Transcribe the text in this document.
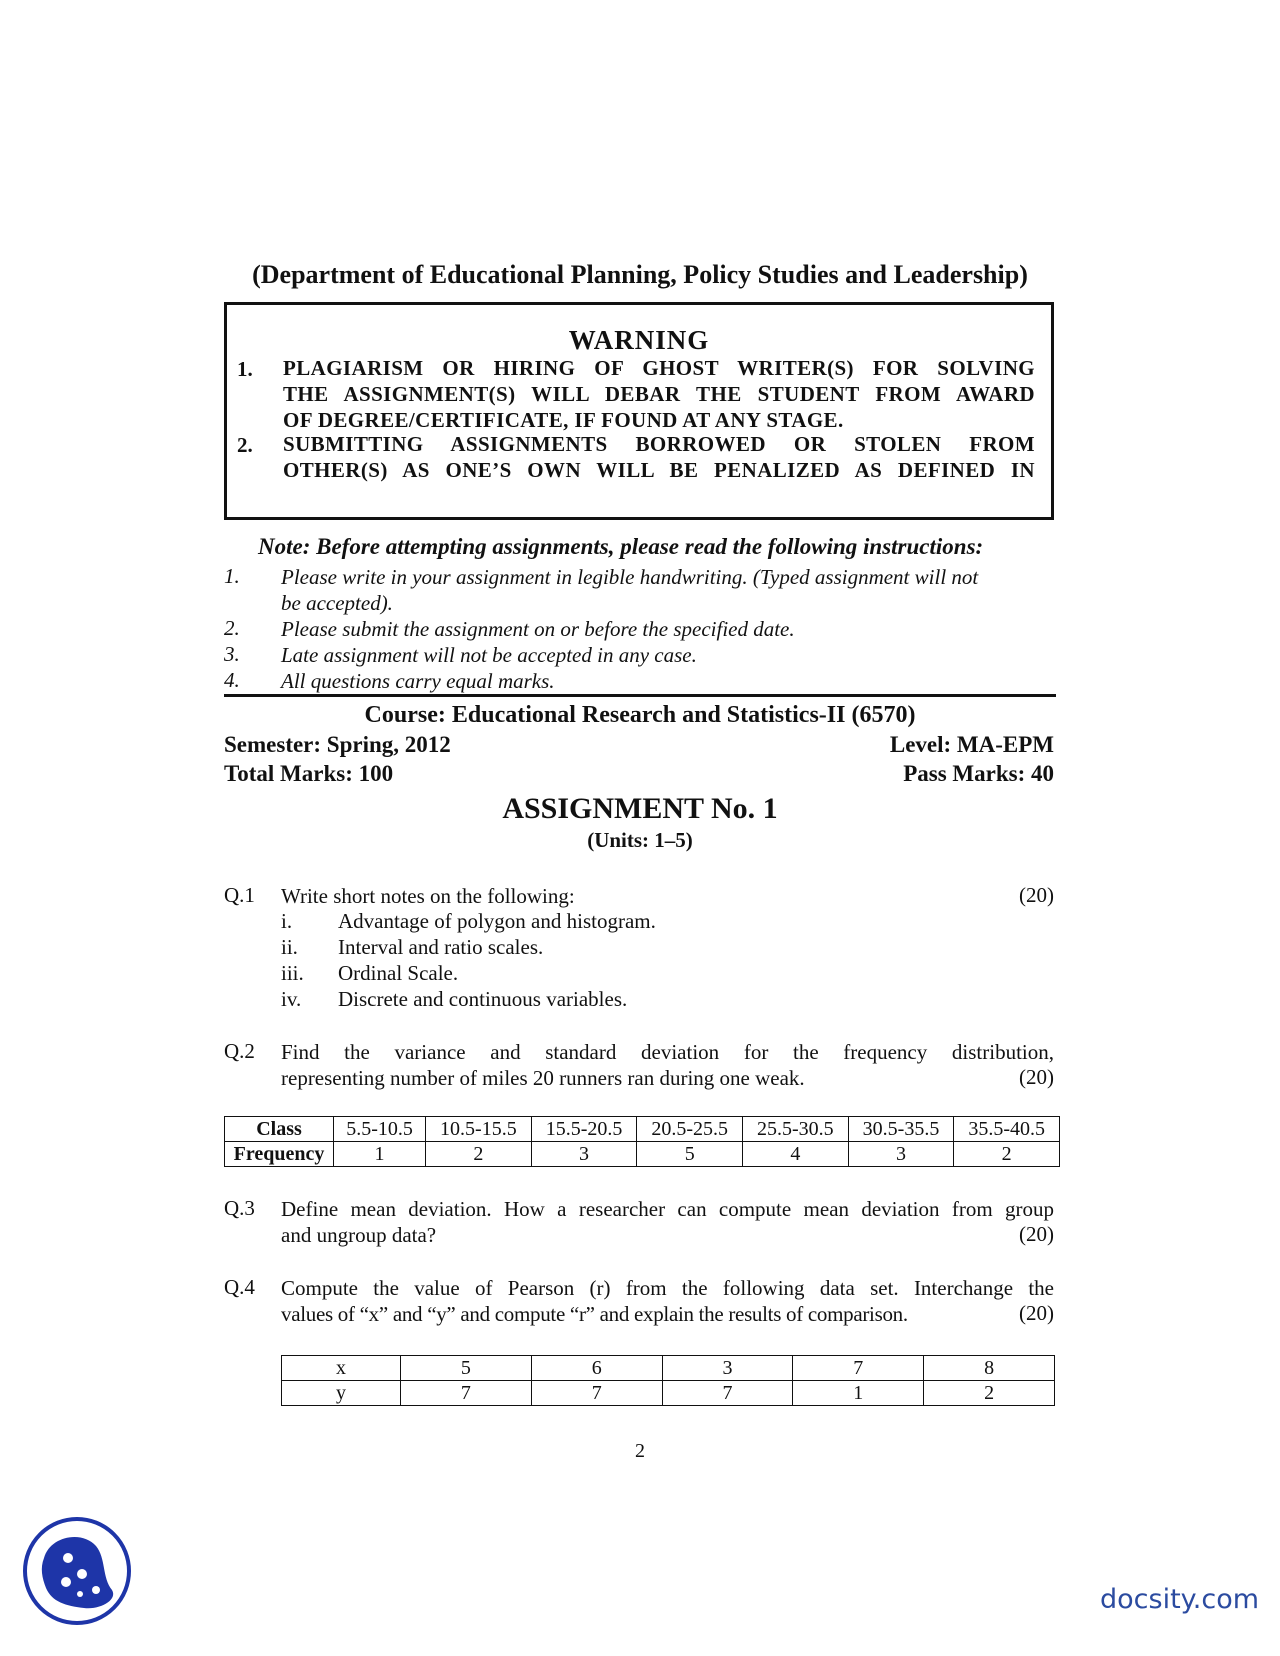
(Department of Educational Planning, Policy Studies and Leadership)
WARNING
1. PLAGIARISM OR HIRING OF GHOST WRITER(S) FOR SOLVING
THE ASSIGNMENT(S) WILL DEBAR THE STUDENT FROM AWARD
OF DEGREE/CERTIFICATE, IF FOUND AT ANY STAGE.
2. SUBMITTING ASSIGNMENTS BORROWED OR STOLEN FROM
OTHER(S) AS ONE’S OWN WILL BE PENALIZED AS DEFINED IN
Note: Before attempting assignments, please read the following instructions:
1. Please write in your assignment in legible handwriting. (Typed assignment will not
be accepted).
2. Please submit the assignment on or before the specified date.
3. Late assignment will not be accepted in any case.
4. All questions carry equal marks.
Course: Educational Research and Statistics-II (6570)
Semester: Spring, 2012	Level: MA-EPM
Total Marks: 100	Pass Marks: 40
ASSIGNMENT No. 1
(Units: 1–5)
Q.1 Write short notes on the following:	(20)
i. Advantage of polygon and histogram.
ii. Interval and ratio scales.
iii. Ordinal Scale.
iv. Discrete and continuous variables.
Q.2 Find the variance and standard deviation for the frequency distribution,
representing number of miles 20 runners ran during one weak.	(20)
Class	5.5-10.5	10.5-15.5	15.5-20.5	20.5-25.5	25.5-30.5	30.5-35.5	35.5-40.5
Frequency	1	2	3	5	4	3	2
Q.3 Define mean deviation. How a researcher can compute mean deviation from group
and ungroup data?	(20)
Q.4 Compute the value of Pearson (r) from the following data set. Interchange the
values of “x” and “y” and compute “r” and explain the results of comparison.	(20)
x	5	6	3	7	8
y	7	7	7	1	2
2
docsity.com
